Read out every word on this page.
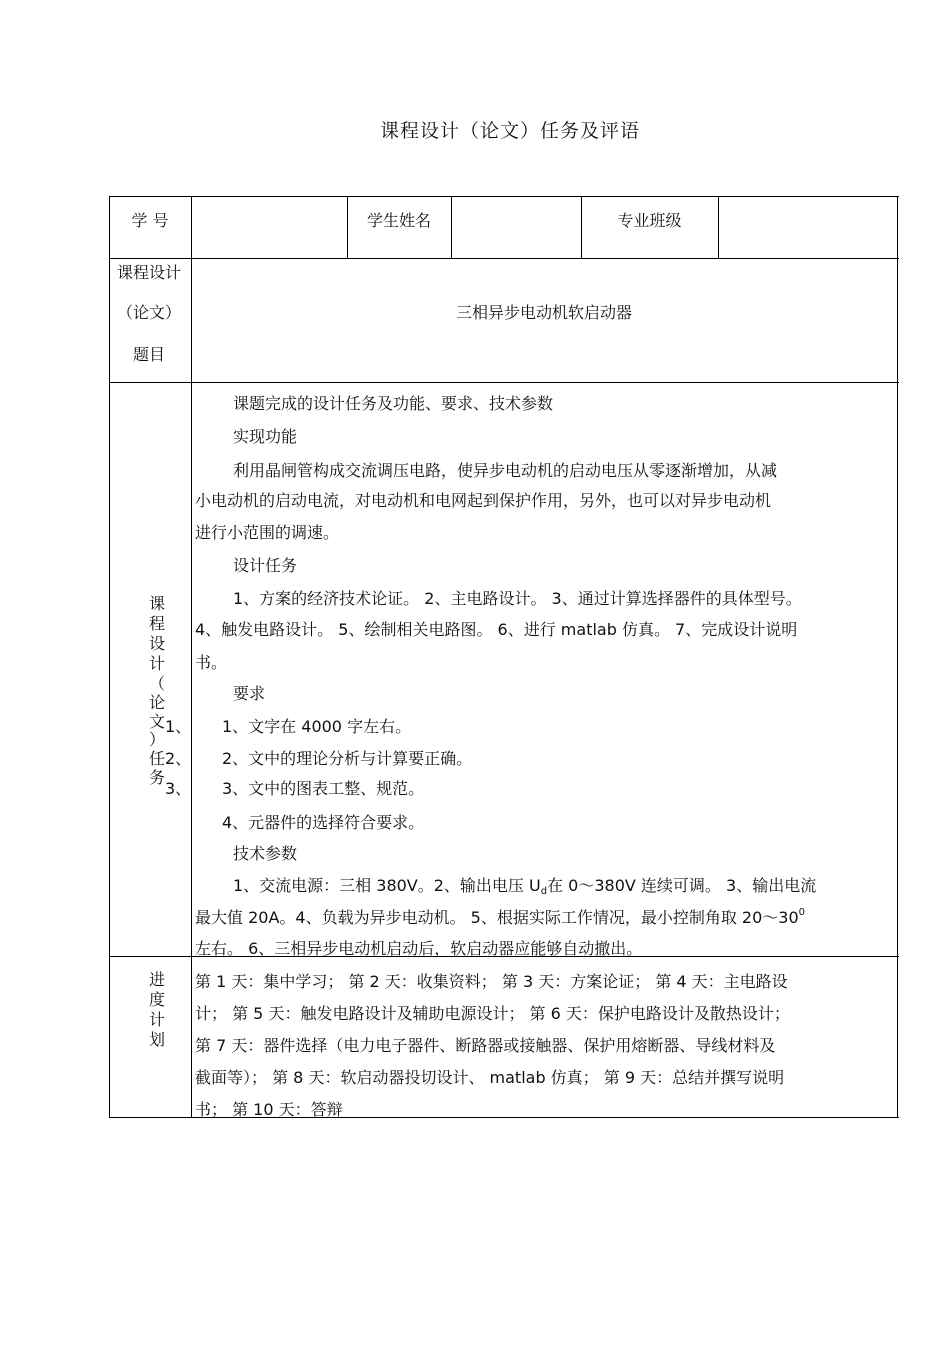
课程设计（论文）任务及评语
学 号	学生姓名	专业班级
课程设计
（论文）
题目
三相异步电动机软启动器
课
程
设
计
（
论
文
）
任
务
1、
2、
3、
课题完成的设计任务及功能、要求、技术参数
实现功能
利用晶闸管构成交流调压电路，使异步电动机的启动电压从零逐渐增加，从减
小电动机的启动电流，对电动机和电网起到保护作用，另外，也可以对异步电动机
进行小范围的调速。
设计任务
1、方案的经济技术论证。 2、主电路设计。 3、通过计算选择器件的具体型号。
4、触发电路设计。 5、绘制相关电路图。 6、进行 matlab 仿真。 7、完成设计说明
书。
要求
1、文字在 4000 字左右。
2、文中的理论分析与计算要正确。
3、文中的图表工整、规范。
4、元器件的选择符合要求。
技术参数
1、交流电源：三相 380V。2、输出电压 $U_d$在 0～380V 连续可调。 3、输出电流
最大值 20A。4、负载为异步电动机。 5、根据实际工作情况，最小控制角取 $20\sim 30^0$
左右。 6、三相异步电动机启动后，软启动器应能够自动撤出。
进
度
计
划
第 1 天：集中学习； 第 2 天：收集资料； 第 3 天：方案论证； 第 4 天：主电路设
计； 第 5 天：触发电路设计及辅助电源设计； 第 6 天：保护电路设计及散热设计；
第 7 天：器件选择（电力电子器件、断路器或接触器、保护用熔断器、导线材料及
截面等）； 第 8 天：软启动器投切设计、 matlab 仿真； 第 9 天：总结并撰写说明
书； 第 10 天：答辩
